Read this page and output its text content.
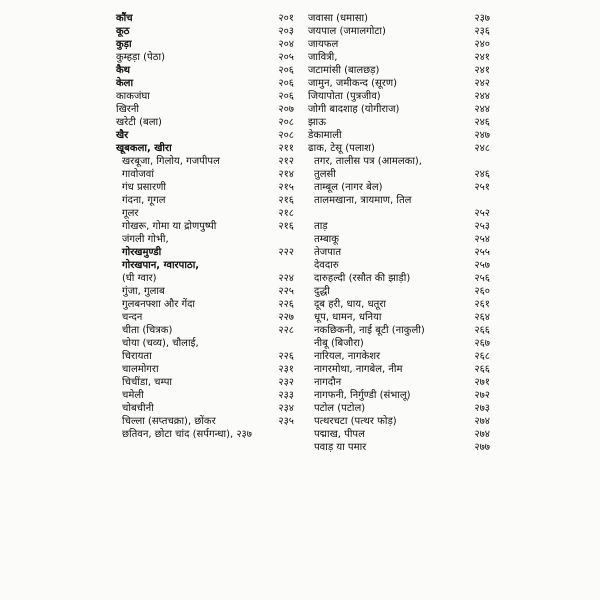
कौंच	२०१
कूठ	२०३
कुड़ा	२०४
कुम्हड़ा (पेठा)	२०५
कैथ	२०६
केला	२०६
काकजंघा	२०६
खिरनी	२०७
खरेटी (बला)	२०८
खैर	२०८
खूबकला, खीरा	२११
खरबूजा, गिलोय, गजपीपल	२१२
गावोजवां	२१४
गंध प्रसारणी	२१५
गंदना, गूगल	२१६
गूलर	२१८
गोखरू, गोमा या द्रोणपुष्पी	२१६
जंगली गोभी,
गोरखमुण्डी	२२२
गोरखपान, ग्वारपाठा,
(घी ग्वार)	२२४
गुंजा, गुलाब	२२५
गुलबनफ्शा और गेंदा	२२६
चन्दन	२२७
चीता (चित्रक)	२२८
चोया (चव्य), चौलाई,
चिरायता	२२६
चालमोगरा	२३१
चिचींडा, चम्पा	२३२
चमेली	२३३
चोबचीनी	२३४
चिल्ला (सप्तचक्रा), छोंकर	२३५
छतिवन, छोटा चांद (सर्पगन्धा), २३७
जवासा (धमासा)	२३७
जयपाल (जमालगोटा)	२३६
जायफल	२४०
जावित्री,	२४१
जटामांसी (बालछड़)	२४१
जामुन, जमीकन्द (सूरण)	२४२
जियापोता (पुत्रजीव)	२४४
जोगी बादशाह (योगीराज)	२४४
झाऊ	२४६
डेकामाली	२४७
ढाक, टेसू (पलाश)	२४८
तगर, तालीस पत्र (आमलका),
तुलसी	२४६
ताम्बूल (नागर बेल)	२५१
तालमखाना, त्रायमाण, तिल
२५२
ताड़	२५३
तम्बाकू	२५४
तेजपात	२५५
देवदारु	२५७
दारुहल्दी (रसौत की झाड़ी)	२५६
दुद्धी	२६०
दूब हरी, धाय, धतूरा	२६१
धूप, धामन, धनिया	२६४
नकछिकनी, नाई बूटी (नाकुली)	२६६
नीबू (बिजौरा)	२६७
नारियल, नागकेशर	२६८
नागरमोथा, नागबेल, नीम	२६६
नागदौन	२७१
नागफनी, निर्गुण्डी (संभालू)	२७२
पटोल (पटोल)	२७३
पत्थरचटा (पत्थर फोड़)	२७४
पद्माख, पीपल	२७४
पवाड़ या पमार	२७७
